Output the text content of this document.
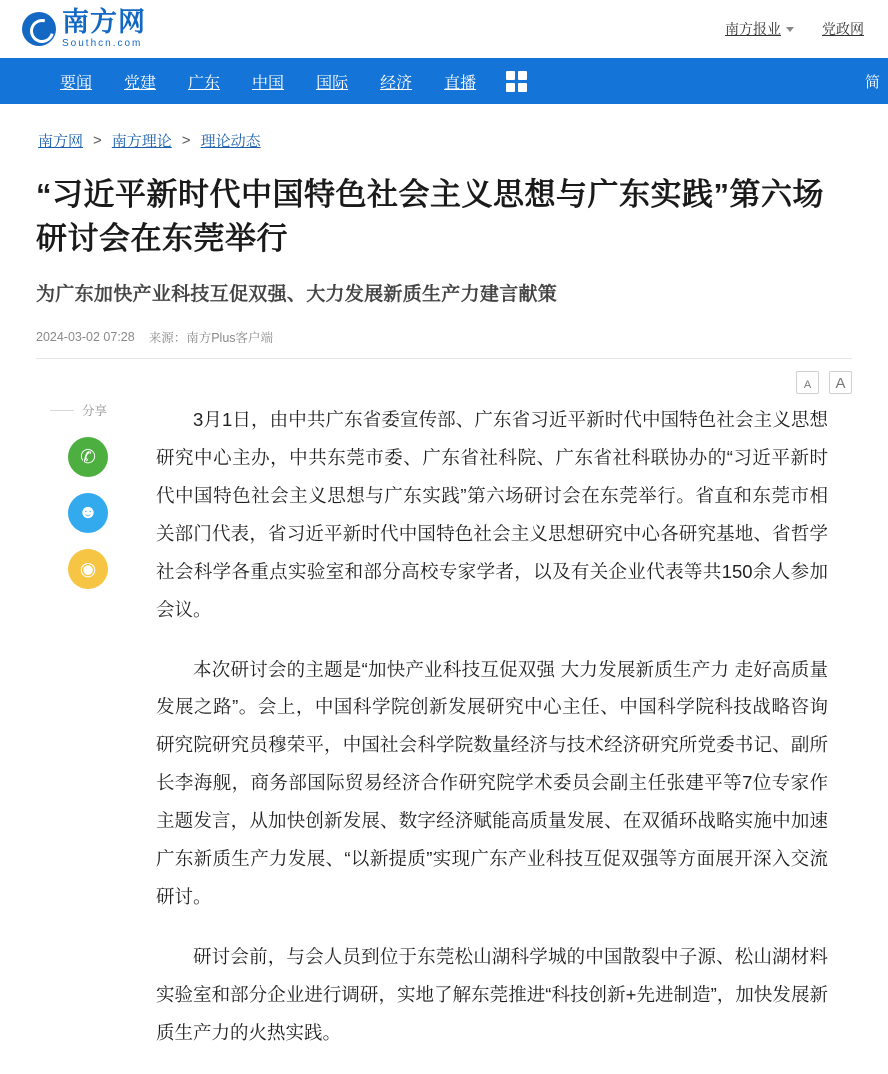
南方网
Southcn.com
南方报业	党政网
要闻	党建	广东	中国	国际	经济	直播	简
南方网 > 南方理论 > 理论动态
“习近平新时代中国特色社会主义思想与广东实践”第六场研讨会在东莞举行
为广东加快产业科技互促双强、大力发展新质生产力建言献策
2024-03-02 07:28 来源：南方Plus客户端
A	A
分享
✆
☻
◉

3月1日，由中共广东省委宣传部、广东省习近平新时代中国特色社会主义思想研究中心主办，中共东莞市委、广东省社科院、广东省社科联协办的“习近平新时代中国特色社会主义思想与广东实践”第六场研讨会在东莞举行。省直和东莞市相关部门代表，省习近平新时代中国特色社会主义思想研究中心各研究基地、省哲学社会科学各重点实验室和部分高校专家学者，以及有关企业代表等共150余人参加会议。

本次研讨会的主题是“加快产业科技互促双强 大力发展新质生产力 走好高质量发展之路”。会上，中国科学院创新发展研究中心主任、中国科学院科技战略咨询研究院研究员穆荣平，中国社会科学院数量经济与技术经济研究所党委书记、副所长李海舰，商务部国际贸易经济合作研究院学术委员会副主任张建平等7位专家作主题发言，从加快创新发展、数字经济赋能高质量发展、在双循环战略实施中加速广东新质生产力发展、“以新提质”实现广东产业科技互促双强等方面展开深入交流研讨。

研讨会前，与会人员到位于东莞松山湖科学城的中国散裂中子源、松山湖材料实验室和部分企业进行调研，实地了解东莞推进“科技创新+先进制造”，加快发展新质生产力的火热实践。
